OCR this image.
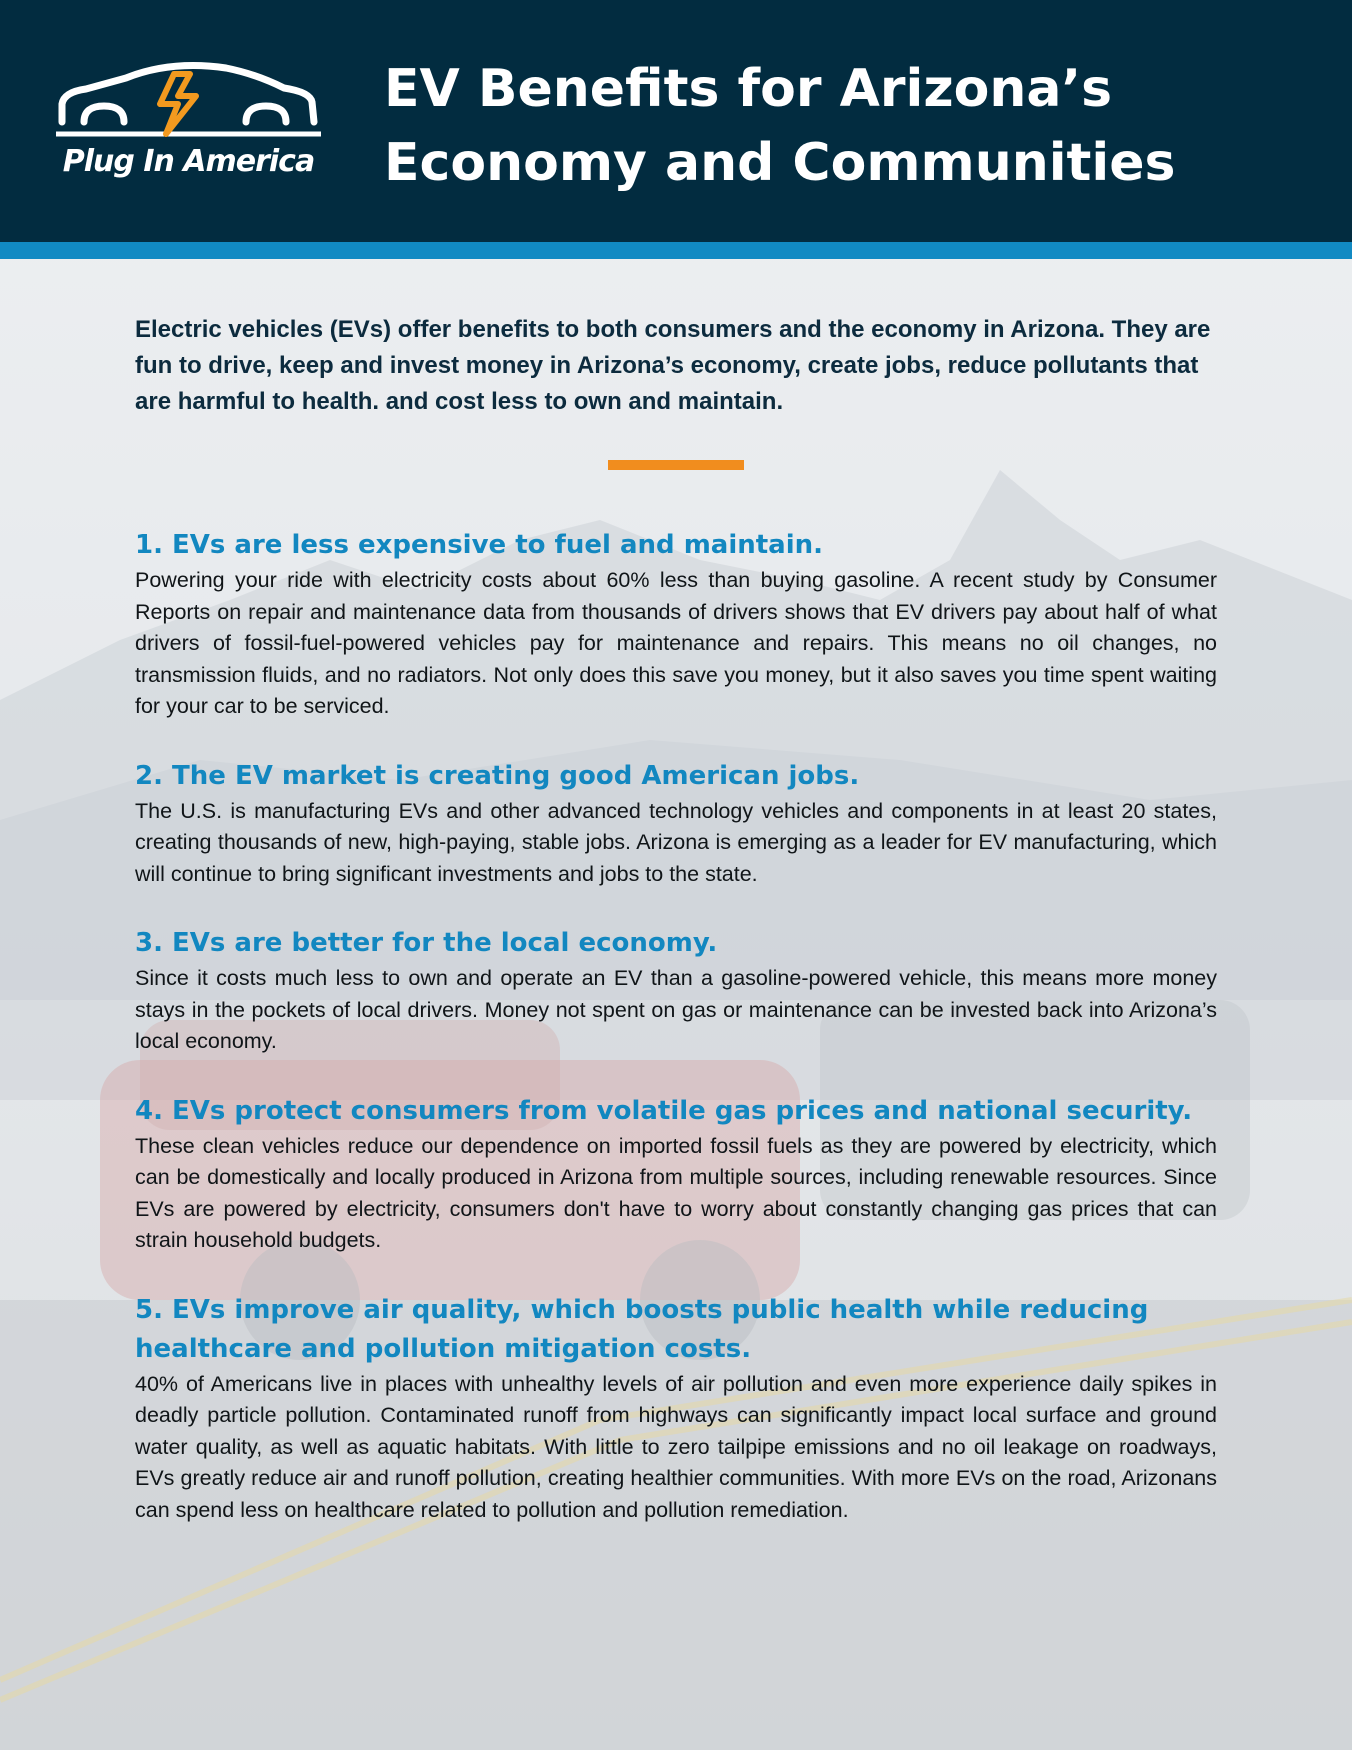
Plug In America
EV Benefits for Arizona’s Economy and Communities

Electric vehicles (EVs) offer benefits to both consumers and the economy in Arizona. They are fun to drive, keep and invest money in Arizona’s economy, create jobs, reduce pollutants that are harmful to health. and cost less to own and maintain.

1. EVs are less expensive to fuel and maintain.

Powering your ride with electricity costs about 60% less than buying gasoline. A recent study by Consumer Reports on repair and maintenance data from thousands of drivers shows that EV drivers pay about half of what drivers of fossil-fuel-powered vehicles pay for maintenance and repairs. This means no oil changes, no transmission fluids, and no radiators. Not only does this save you money, but it also saves you time spent waiting for your car to be serviced.

2. The EV market is creating good American jobs.

The U.S. is manufacturing EVs and other advanced technology vehicles and components in at least 20 states, creating thousands of new, high-paying, stable jobs. Arizona is emerging as a leader for EV manufacturing, which will continue to bring significant investments and jobs to the state.

3. EVs are better for the local economy.

Since it costs much less to own and operate an EV than a gasoline-powered vehicle, this means more money stays in the pockets of local drivers. Money not spent on gas or maintenance can be invested back into Arizona’s local economy.

4. EVs protect consumers from volatile gas prices and national security.

These clean vehicles reduce our dependence on imported fossil fuels as they are powered by electricity, which can be domestically and locally produced in Arizona from multiple sources, including renewable resources. Since EVs are powered by electricity, consumers don't have to worry about constantly changing gas prices that can strain household budgets.

5. EVs improve air quality, which boosts public health while reducing healthcare and pollution mitigation costs.

40% of Americans live in places with unhealthy levels of air pollution and even more experience daily spikes in deadly particle pollution. Contaminated runoff from highways can significantly impact local surface and ground water quality, as well as aquatic habitats. With little to zero tailpipe emissions and no oil leakage on roadways, EVs greatly reduce air and runoff pollution, creating healthier communities. With more EVs on the road, Arizonans can spend less on healthcare related to pollution and pollution remediation.
